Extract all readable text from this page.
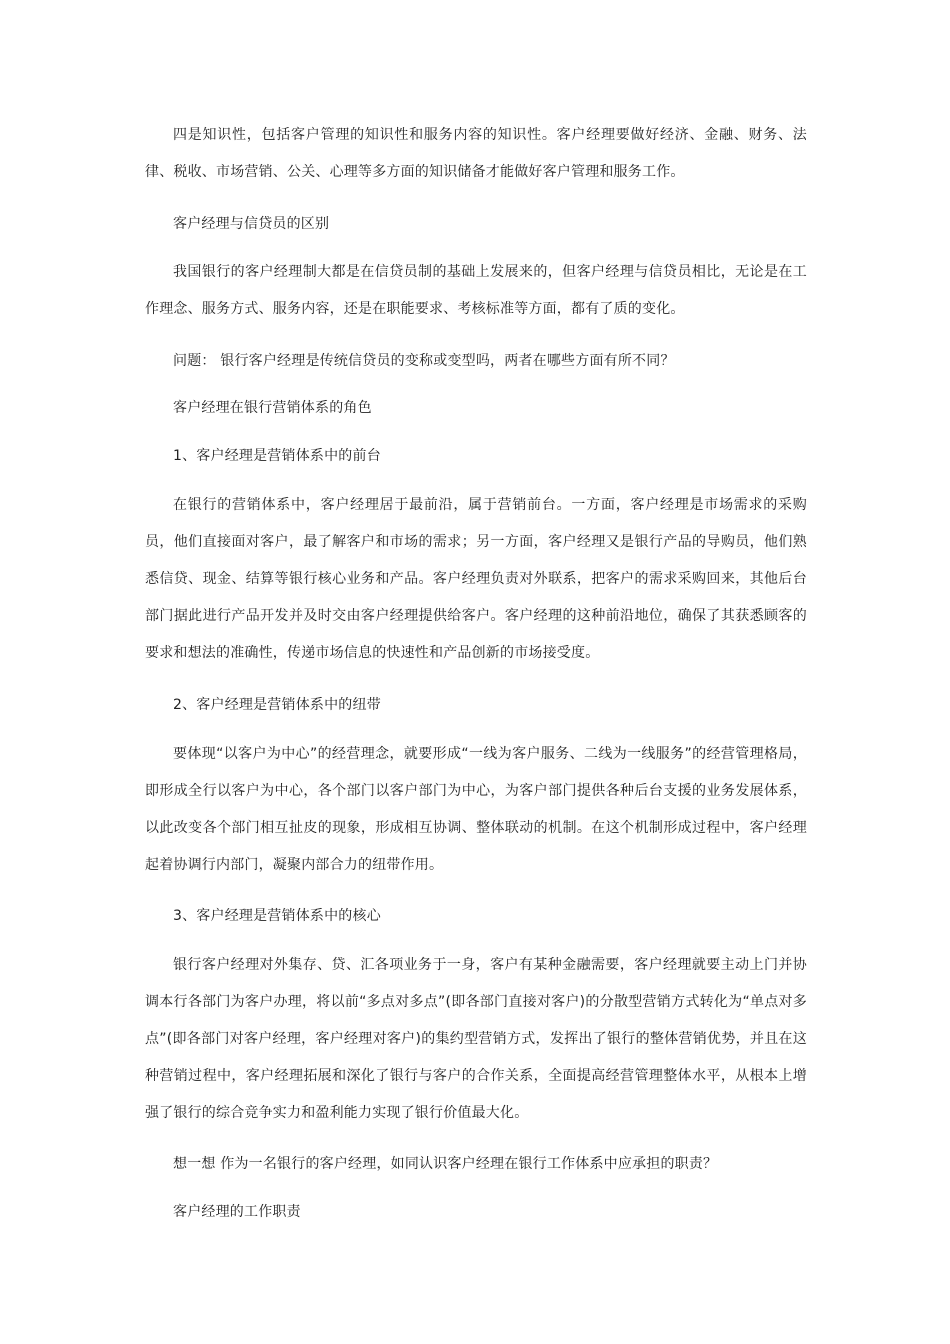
四是知识性，包括客户管理的知识性和服务内容的知识性。客户经理要做好经济、金融、财务、法律、税收、市场营销、公关、心理等多方面的知识储备才能做好客户管理和服务工作。

客户经理与信贷员的区别

我国银行的客户经理制大都是在信贷员制的基础上发展来的，但客户经理与信贷员相比，无论是在工作理念、服务方式、服务内容，还是在职能要求、考核标准等方面，都有了质的变化。

问题： 银行客户经理是传统信贷员的变称或变型吗，两者在哪些方面有所不同？

客户经理在银行营销体系的角色

1、客户经理是营销体系中的前台

在银行的营销体系中，客户经理居于最前沿，属于营销前台。一方面，客户经理是市场需求的采购员，他们直接面对客户，最了解客户和市场的需求；另一方面，客户经理又是银行产品的导购员，他们熟悉信贷、现金、结算等银行核心业务和产品。客户经理负责对外联系，把客户的需求采购回来，其他后台部门据此进行产品开发并及时交由客户经理提供给客户。客户经理的这种前沿地位，确保了其获悉顾客的要求和想法的准确性，传递市场信息的快速性和产品创新的市场接受度。

2、客户经理是营销体系中的纽带

要体现“以客户为中心”的经营理念，就要形成“一线为客户服务、二线为一线服务”的经营管理格局，即形成全行以客户为中心，各个部门以客户部门为中心，为客户部门提供各种后台支援的业务发展体系，以此改变各个部门相互扯皮的现象，形成相互协调、整体联动的机制。在这个机制形成过程中，客户经理起着协调行内部门，凝聚内部合力的纽带作用。

3、客户经理是营销体系中的核心

银行客户经理对外集存、贷、汇各项业务于一身，客户有某种金融需要，客户经理就要主动上门并协调本行各部门为客户办理，将以前“多点对多点”(即各部门直接对客户)的分散型营销方式转化为“单点对多点”(即各部门对客户经理，客户经理对客户)的集约型营销方式，发挥出了银行的整体营销优势，并且在这种营销过程中，客户经理拓展和深化了银行与客户的合作关系，全面提高经营管理整体水平，从根本上增强了银行的综合竞争实力和盈利能力实现了银行价值最大化。

想一想 作为一名银行的客户经理，如同认识客户经理在银行工作体系中应承担的职责？

客户经理的工作职责
